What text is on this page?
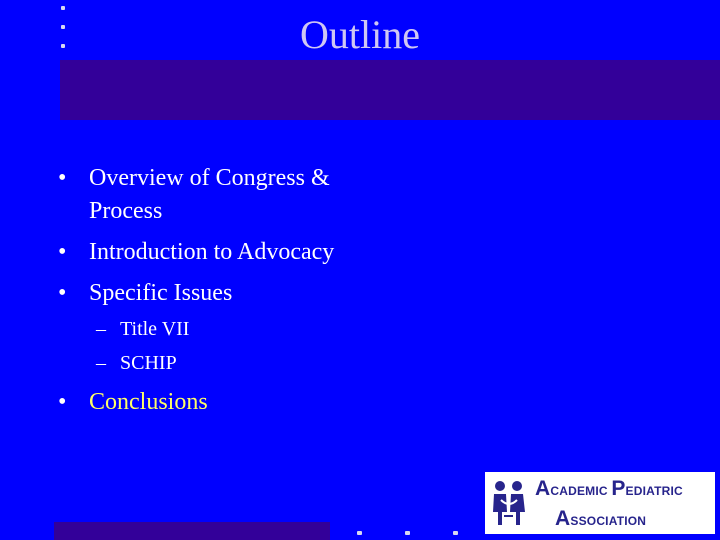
Outline
• Overview of Congress & Process
• Introduction to Advocacy
• Specific Issues
– Title VII
– SCHIP
• Conclusions
ACADEMIC PEDIATRIC
ASSOCIATION
